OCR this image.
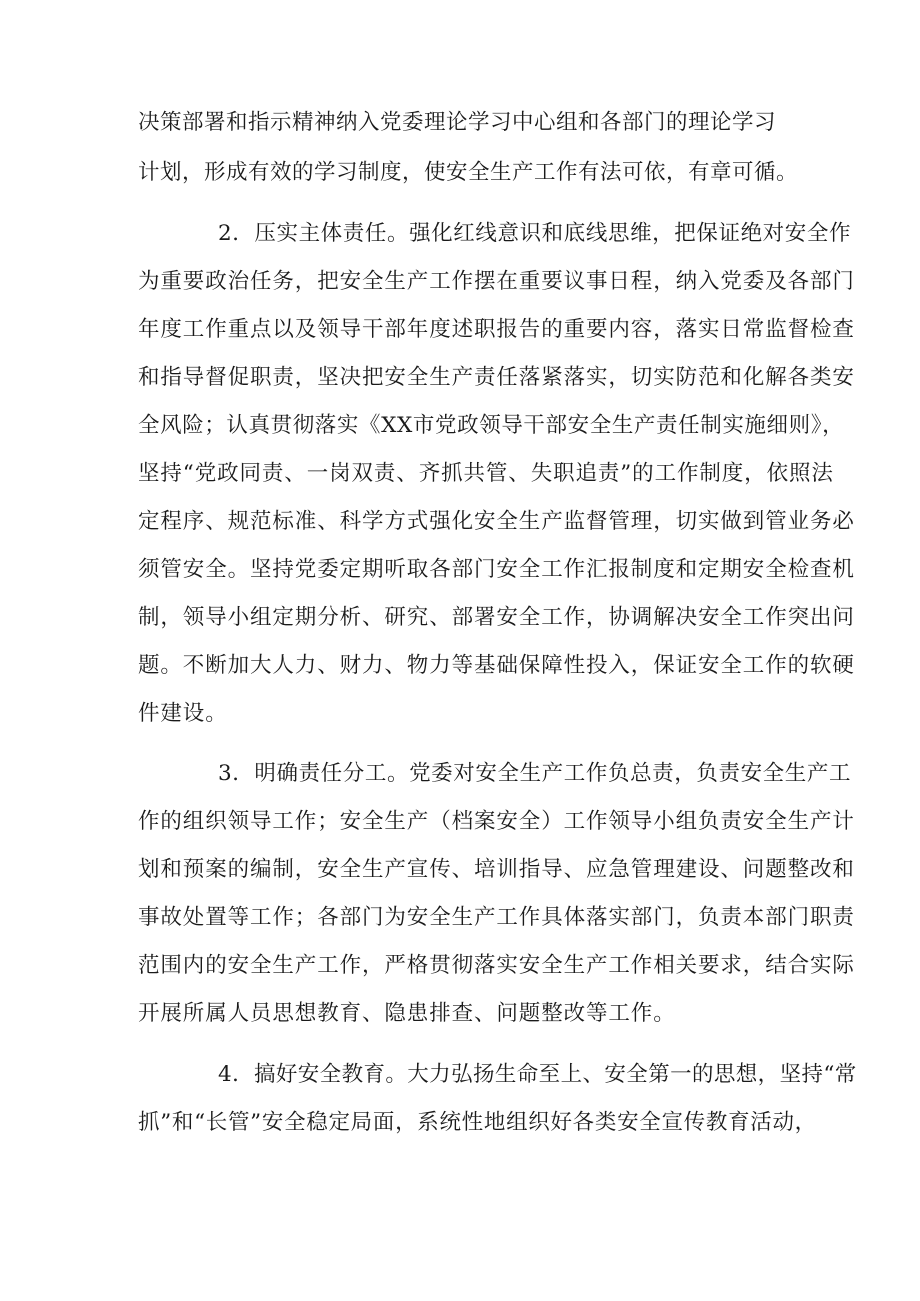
决策部署和指示精神纳入党委理论学习中心组和各部门的理论学习
计划，形成有效的学习制度，使安全生产工作有法可依，有章可循。
2．压实主体责任。强化红线意识和底线思维，把保证绝对安全作
为重要政治任务，把安全生产工作摆在重要议事日程，纳入党委及各部门
年度工作重点以及领导干部年度述职报告的重要内容，落实日常监督检查
和指导督促职责，坚决把安全生产责任落紧落实，切实防范和化解各类安
全风险；认真贯彻落实《XX市党政领导干部安全生产责任制实施细则》，
坚持“党政同责、一岗双责、齐抓共管、失职追责”的工作制度，依照法
定程序、规范标准、科学方式强化安全生产监督管理，切实做到管业务必
须管安全。坚持党委定期听取各部门安全工作汇报制度和定期安全检查机
制，领导小组定期分析、研究、部署安全工作，协调解决安全工作突出问
题。不断加大人力、财力、物力等基础保障性投入，保证安全工作的软硬
件建设。
3．明确责任分工。党委对安全生产工作负总责，负责安全生产工
作的组织领导工作；安全生产（档案安全）工作领导小组负责安全生产计
划和预案的编制，安全生产宣传、培训指导、应急管理建设、问题整改和
事故处置等工作；各部门为安全生产工作具体落实部门，负责本部门职责
范围内的安全生产工作，严格贯彻落实安全生产工作相关要求，结合实际
开展所属人员思想教育、隐患排查、问题整改等工作。
4．搞好安全教育。大力弘扬生命至上、安全第一的思想，坚持“常
抓”和“长管”安全稳定局面，系统性地组织好各类安全宣传教育活动，
